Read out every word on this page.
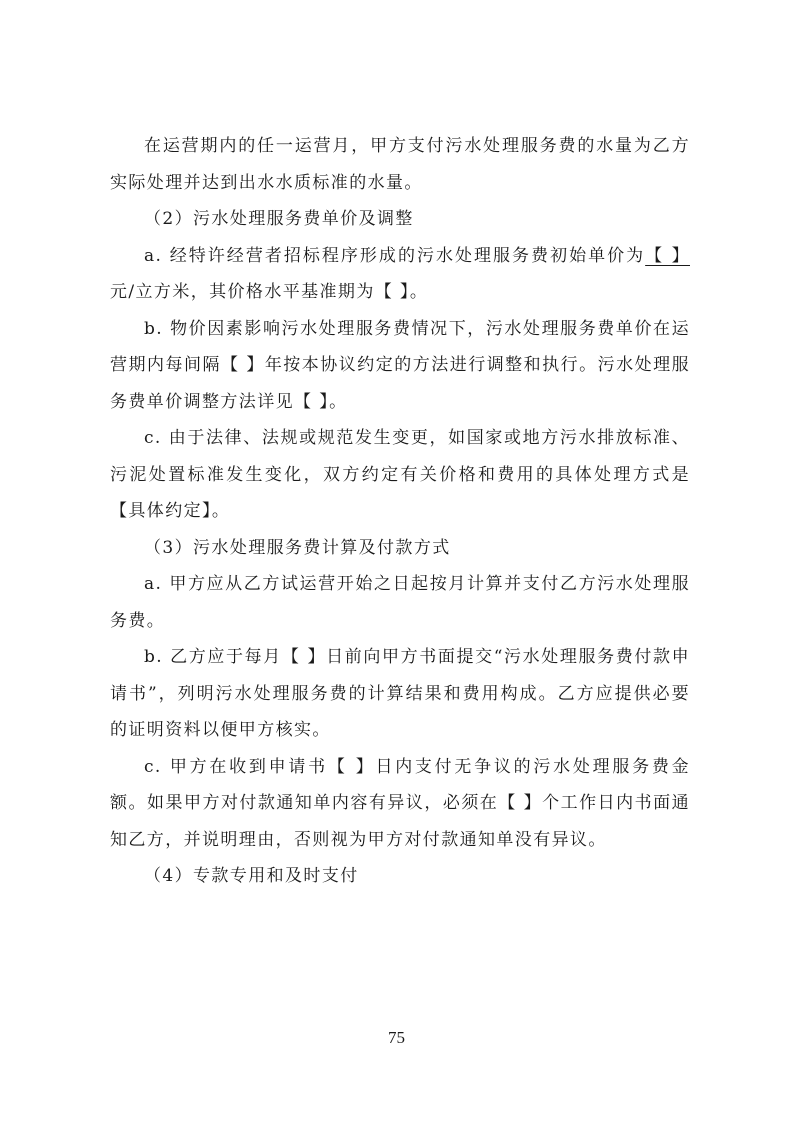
在运营期内的任一运营月，甲方支付污水处理服务费的水量为乙方实际处理并达到出水水质标准的水量。

（2）污水处理服务费单价及调整

a. 经特许经营者招标程序形成的污水处理服务费初始单价为【 】元/立方米，其价格水平基准期为【 】。

b. 物价因素影响污水处理服务费情况下，污水处理服务费单价在运营期内每间隔【 】年按本协议约定的方法进行调整和执行。污水处理服务费单价调整方法详见【 】。

c. 由于法律、法规或规范发生变更，如国家或地方污水排放标准、污泥处置标准发生变化，双方约定有关价格和费用的具体处理方式是【具体约定】。

（3）污水处理服务费计算及付款方式

a. 甲方应从乙方试运营开始之日起按月计算并支付乙方污水处理服务费。

b. 乙方应于每月【 】日前向甲方书面提交“污水处理服务费付款申请书”，列明污水处理服务费的计算结果和费用构成。乙方应提供必要的证明资料以便甲方核实。

c. 甲方在收到申请书【 】日内支付无争议的污水处理服务费金额。如果甲方对付款通知单内容有异议，必须在【 】个工作日内书面通知乙方，并说明理由，否则视为甲方对付款通知单没有异议。

（4）专款专用和及时支付

75
